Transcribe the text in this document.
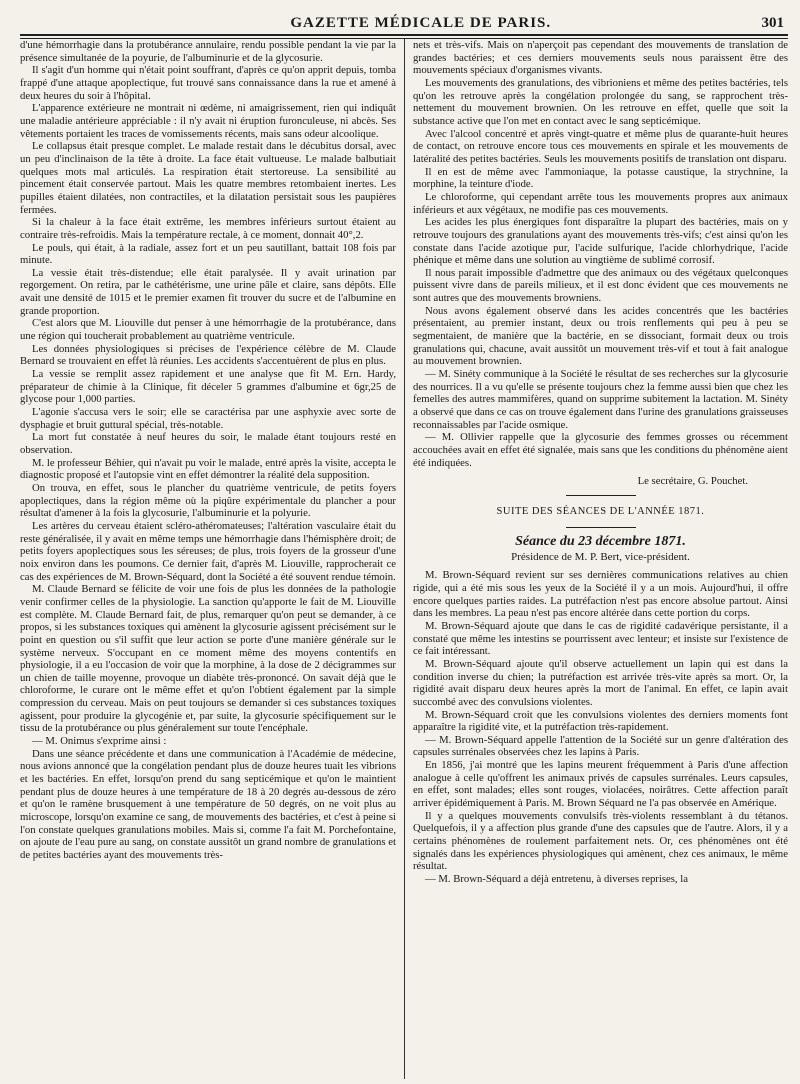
GAZETTE MÉDICALE DE PARIS.	301

d'une hémorrhagie dans la protubérance annulaire, rendu possible pendant la vie par la présence simultanée de la poyurie, de l'albuminurie et de la glycosurie.

Il s'agit d'un homme qui n'était point souffrant, d'après ce qu'on apprit depuis, tomba frappé d'une attaque apoplectique, fut trouvé sans connaissance dans la rue et amené à deux heures du soir à l'hôpital.

L'apparence extérieure ne montrait ni œdème, ni amaigrissement, rien qui indiquât une maladie antérieure appréciable : il n'y avait ni éruption furonculeuse, ni abcès. Ses vêtements portaient les traces de vomissements récents, mais sans odeur alcoolique.

Le collapsus était presque complet. Le malade restait dans le décubitus dorsal, avec un peu d'inclinaison de la tête à droite. La face était vultueuse. Le malade balbutiait quelques mots mal articulés. La respiration était stertoreuse. La sensibilité au pincement était conservée partout. Mais les quatre membres retombaient inertes. Les pupilles étaient dilatées, non contractiles, et la dilatation persistait sous les paupières fermées.

Si la chaleur à la face était extrême, les membres inférieurs surtout étaient au contraire très-refroidis. Mais la température rectale, à ce moment, donnait 40°,2.

Le pouls, qui était, à la radiale, assez fort et un peu sautillant, battait 108 fois par minute.

La vessie était très-distendue; elle était paralysée. Il y avait urination par regorgement. On retira, par le cathétérisme, une urine pâle et claire, sans dépôts. Elle avait une densité de 1015 et le premier examen fit trouver du sucre et de l'albumine en grande proportion.

C'est alors que M. Liouville dut penser à une hémorrhagie de la protubérance, dans une région qui toucherait probablement au quatrième ventricule.

Les données physiologiques si précises de l'expérience célèbre de M. Claude Bernard se trouvaient en effet là réunies. Les accidents s'accentuèrent de plus en plus.

La vessie se remplit assez rapidement et une analyse que fit M. Ern. Hardy, préparateur de chimie à la Clinique, fit déceler 5 grammes d'albumine et 6gr,25 de glycose pour 1,000 parties.

L'agonie s'accusa vers le soir; elle se caractérisa par une asphyxie avec sorte de dysphagie et bruit guttural spécial, très-notable.

La mort fut constatée à neuf heures du soir, le malade étant toujours resté en observation.

M. le professeur Béhier, qui n'avait pu voir le malade, entré après la visite, accepta le diagnostic proposé et l'autopsie vint en effet démontrer la réalité dela supposition.

On trouva, en effet, sous le plancher du quatrième ventricule, de petits foyers apoplectiques, dans la région même où la piqûre expérimentale du plancher a pour résultat d'amener à la fois la glycosurie, l'albuminurie et la polyurie.

Les artères du cerveau étaient scléro-athéromateuses; l'altération vasculaire était du reste généralisée, il y avait en même temps une hémorrhagie dans l'hémisphère droit; de petits foyers apoplectiques sous les séreuses; de plus, trois foyers de la grosseur d'une noix environ dans les poumons. Ce dernier fait, d'après M. Liouville, rapprocherait ce cas des expériences de M. Brown-Séquard, dont la Société a été souvent rendue témoin.

M. Claude Bernard se félicite de voir une fois de plus les données de la pathologie venir confirmer celles de la physiologie. La sanction qu'apporte le fait de M. Liouville est complète. M. Claude Bernard fait, de plus, remarquer qu'on peut se demander, à ce propos, si les substances toxiques qui amènent la glycosurie agissent précisément sur le point en question ou s'il suffit que leur action se porte d'une manière générale sur le système nerveux. S'occupant en ce moment même des moyens contentifs en physiologie, il a eu l'occasion de voir que la morphine, à la dose de 2 décigrammes sur un chien de taille moyenne, provoque un diabète très-prononcé. On savait déjà que le chloroforme, le curare ont le même effet et qu'on l'obtient également par la simple compression du cerveau. Mais on peut toujours se demander si ces substances toxiques agissent, pour produire la glycogénie et, par suite, la glycosurie spécifiquement sur le tissu de la protubérance ou plus généralement sur toute l'encéphale.

— M. Onimus s'exprime ainsi :

Dans une séance précédente et dans une communication à l'Académie de médecine, nous avions annoncé que la congélation pendant plus de douze heures tuait les vibrions et les bactéries. En effet, lorsqu'on prend du sang septicémique et qu'on le maintient pendant plus de douze heures à une température de 18 à 20 degrés au-dessous de zéro et qu'on le ramène brusquement à une température de 50 degrés, on ne voit plus au microscope, lorsqu'on examine ce sang, de mouvements des bactéries, et c'est à peine si l'on constate quelques granulations mobiles. Mais si, comme l'a fait M. Porchefontaine, on ajoute de l'eau pure au sang, on constate aussitôt un grand nombre de granulations et de petites bactéries ayant des mouvements très-

nets et très-vifs. Mais on n'aperçoit pas cependant des mouvements de translation de grandes bactéries; et ces derniers mouvements seuls nous paraissent être des mouvements spéciaux d'organismes vivants.

Les mouvements des granulations, des vibrioniens et même des petites bactéries, tels qu'on les retrouve après la congélation prolongée du sang, se rapprochent très-nettement du mouvement brownien. On les retrouve en effet, quelle que soit la substance active que l'on met en contact avec le sang septicémique.

Avec l'alcool concentré et après vingt-quatre et même plus de quarante-huit heures de contact, on retrouve encore tous ces mouvements en spirale et les mouvements de latéralité des petites bactéries. Seuls les mouvements positifs de translation ont disparu.

Il en est de même avec l'ammoniaque, la potasse caustique, la strychnine, la morphine, la teinture d'iode.

Le chloroforme, qui cependant arrête tous les mouvements propres aux animaux inférieurs et aux végétaux, ne modifie pas ces mouvements.

Les acides les plus énergiques font disparaître la plupart des bactéries, mais on y retrouve toujours des granulations ayant des mouvements très-vifs; c'est ainsi qu'on les constate dans l'acide azotique pur, l'acide sulfurique, l'acide chlorhydrique, l'acide phénique et même dans une solution au vingtième de sublimé corrosif.

Il nous parait impossible d'admettre que des animaux ou des végétaux quelconques puissent vivre dans de pareils milieux, et il est donc évident que ces mouvements ne sont autres que des mouvements browniens.

Nous avons également observé dans les acides concentrés que les bactéries présentaient, au premier instant, deux ou trois renflements qui peu à peu se segmentaient, de manière que la bactérie, en se dissociant, formait deux ou trois granulations qui, chacune, avait aussitôt un mouvement très-vif et tout à fait analogue au mouvement brownien.

— M. Sinéty communique à la Société le résultat de ses recherches sur la glycosurie des nourrices. Il a vu qu'elle se présente toujours chez la femme aussi bien que chez les femelles des autres mammifères, quand on supprime subitement la lactation. M. Sinéty a observé que dans ce cas on trouve également dans l'urine des granulations graisseuses reconnaissables par l'acide osmique.

— M. Ollivier rappelle que la glycosurie des femmes grosses ou récemment accouchées avait en effet été signalée, mais sans que les conditions du phénomène aient été indiquées.

Le secrétaire, G. Pouchet.

SUITE DES SÉANCES DE L'ANNÉE 1871.

Séance du 23 décembre 1871.

Présidence de M. P. Bert, vice-président.

M. Brown-Séquard revient sur ses dernières communications relatives au chien rigide, qui a été mis sous les yeux de la Société il y a un mois. Aujourd'hui, il offre encore quelques parties raides. La putréfaction n'est pas encore absolue partout. Ainsi dans les membres. La peau n'est pas encore altérée dans cette portion du corps.

M. Brown-Séquard ajoute que dans le cas de rigidité cadavérique persistante, il a constaté que même les intestins se pourrissent avec lenteur; et insiste sur l'existence de ce fait intéressant.

M. Brown-Séquard ajoute qu'il observe actuellement un lapin qui est dans la condition inverse du chien; la putréfaction est arrivée très-vite après sa mort. Or, la rigidité avait disparu deux heures après la mort de l'animal. En effet, ce lapin avait succombé avec des convulsions violentes.

M. Brown-Séquard croit que les convulsions violentes des derniers moments font apparaître la rigidité vite, et la putréfaction très-rapidement.

— M. Brown-Séquard appelle l'attention de la Société sur un genre d'altération des capsules surrénales observées chez les lapins à Paris.

En 1856, j'ai montré que les lapins meurent fréquemment à Paris d'une affection analogue à celle qu'offrent les animaux privés de capsules surrénales. Leurs capsules, en effet, sont malades; elles sont rouges, violacées, noirâtres. Cette affection paraît arriver épidémiquement à Paris. M. Brown Séquard ne l'a pas observée en Amérique.

Il y a quelques mouvements convulsifs très-violents ressemblant à du tétanos. Quelquefois, il y a affection plus grande d'une des capsules que de l'autre. Alors, il y a certains phénomènes de roulement parfaitement nets. Or, ces phénomènes ont été signalés dans les expériences physiologiques qui amènent, chez ces animaux, le même résultat.

— M. Brown-Séquard a déjà entretenu, à diverses reprises, la
